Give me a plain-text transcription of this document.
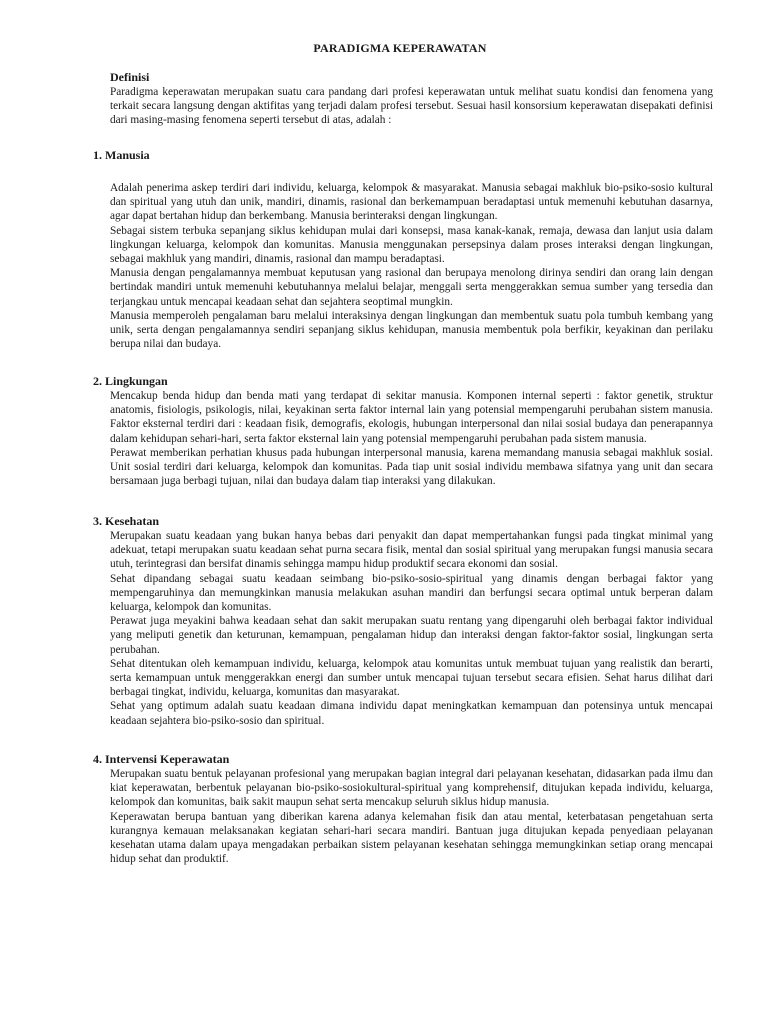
PARADIGMA KEPERAWATAN
Definisi

Paradigma keperawatan merupakan suatu cara pandang dari profesi keperawatan untuk melihat suatu kondisi dan fenomena yang terkait secara langsung dengan aktifitas yang terjadi dalam profesi tersebut. Sesuai hasil konsorsium keperawatan disepakati definisi dari masing-masing fenomena seperti tersebut di atas, adalah :

1. Manusia

Adalah penerima askep terdiri dari individu, keluarga, kelompok & masyarakat. Manusia sebagai makhluk bio-psiko-sosio kultural dan spiritual yang utuh dan unik, mandiri, dinamis, rasional dan berkemampuan beradaptasi untuk memenuhi kebutuhan dasarnya, agar dapat bertahan hidup dan berkembang. Manusia berinteraksi dengan lingkungan.

Sebagai sistem terbuka sepanjang siklus kehidupan mulai dari konsepsi, masa kanak-kanak, remaja, dewasa dan lanjut usia dalam lingkungan keluarga, kelompok dan komunitas. Manusia menggunakan persepsinya dalam proses interaksi dengan lingkungan, sebagai makhluk yang mandiri, dinamis, rasional dan mampu beradaptasi.

Manusia dengan pengalamannya membuat keputusan yang rasional dan berupaya menolong dirinya sendiri dan orang lain dengan bertindak mandiri untuk memenuhi kebutuhannya melalui belajar, menggali serta menggerakkan semua sumber yang tersedia dan terjangkau untuk mencapai keadaan sehat dan sejahtera seoptimal mungkin.

Manusia memperoleh pengalaman baru melalui interaksinya dengan lingkungan dan membentuk suatu pola tumbuh kembang yang unik, serta dengan pengalamannya sendiri sepanjang siklus kehidupan, manusia membentuk pola berfikir, keyakinan dan perilaku berupa nilai dan budaya.

2. Lingkungan

Mencakup benda hidup dan benda mati yang terdapat di sekitar manusia. Komponen internal seperti : faktor genetik, struktur anatomis, fisiologis, psikologis, nilai, keyakinan serta faktor internal lain yang potensial mempengaruhi perubahan sistem manusia. Faktor eksternal terdiri dari : keadaan fisik, demografis, ekologis, hubungan interpersonal dan nilai sosial budaya dan penerapannya dalam kehidupan sehari-hari, serta faktor eksternal lain yang potensial mempengaruhi perubahan pada sistem manusia.

Perawat memberikan perhatian khusus pada hubungan interpersonal manusia, karena memandang manusia sebagai makhluk sosial. Unit sosial terdiri dari keluarga, kelompok dan komunitas. Pada tiap unit sosial individu membawa sifatnya yang unit dan secara bersamaan juga berbagi tujuan, nilai dan budaya dalam tiap interaksi yang dilakukan.

3. Kesehatan

Merupakan suatu keadaan yang bukan hanya bebas dari penyakit dan dapat mempertahankan fungsi pada tingkat minimal yang adekuat, tetapi merupakan suatu keadaan sehat purna secara fisik, mental dan sosial spiritual yang merupakan fungsi manusia secara utuh, terintegrasi dan bersifat dinamis sehingga mampu hidup produktif secara ekonomi dan sosial.

Sehat dipandang sebagai suatu keadaan seimbang bio-psiko-sosio-spiritual yang dinamis dengan berbagai faktor yang mempengaruhinya dan memungkinkan manusia melakukan asuhan mandiri dan berfungsi secara optimal untuk berperan dalam keluarga, kelompok dan komunitas.

Perawat juga meyakini bahwa keadaan sehat dan sakit merupakan suatu rentang yang dipengaruhi oleh berbagai faktor individual yang meliputi genetik dan keturunan, kemampuan, pengalaman hidup dan interaksi dengan faktor-faktor sosial, lingkungan serta perubahan.

Sehat ditentukan oleh kemampuan individu, keluarga, kelompok atau komunitas untuk membuat tujuan yang realistik dan berarti, serta kemampuan untuk menggerakkan energi dan sumber untuk mencapai tujuan tersebut secara efisien. Sehat harus dilihat dari berbagai tingkat, individu, keluarga, komunitas dan masyarakat.

Sehat yang optimum adalah suatu keadaan dimana individu dapat meningkatkan kemampuan dan potensinya untuk mencapai keadaan sejahtera bio-psiko-sosio dan spiritual.

4. Intervensi Keperawatan

Merupakan suatu bentuk pelayanan profesional yang merupakan bagian integral dari pelayanan kesehatan, didasarkan pada ilmu dan kiat keperawatan, berbentuk pelayanan bio-psiko-sosiokultural-spiritual yang komprehensif, ditujukan kepada individu, keluarga, kelompok dan komunitas, baik sakit maupun sehat serta mencakup seluruh siklus hidup manusia.

Keperawatan berupa bantuan yang diberikan karena adanya kelemahan fisik dan atau mental, keterbatasan pengetahuan serta kurangnya kemauan melaksanakan kegiatan sehari-hari secara mandiri. Bantuan juga ditujukan kepada penyediaan pelayanan kesehatan utama dalam upaya mengadakan perbaikan sistem pelayanan kesehatan sehingga memungkinkan setiap orang mencapai hidup sehat dan produktif.
